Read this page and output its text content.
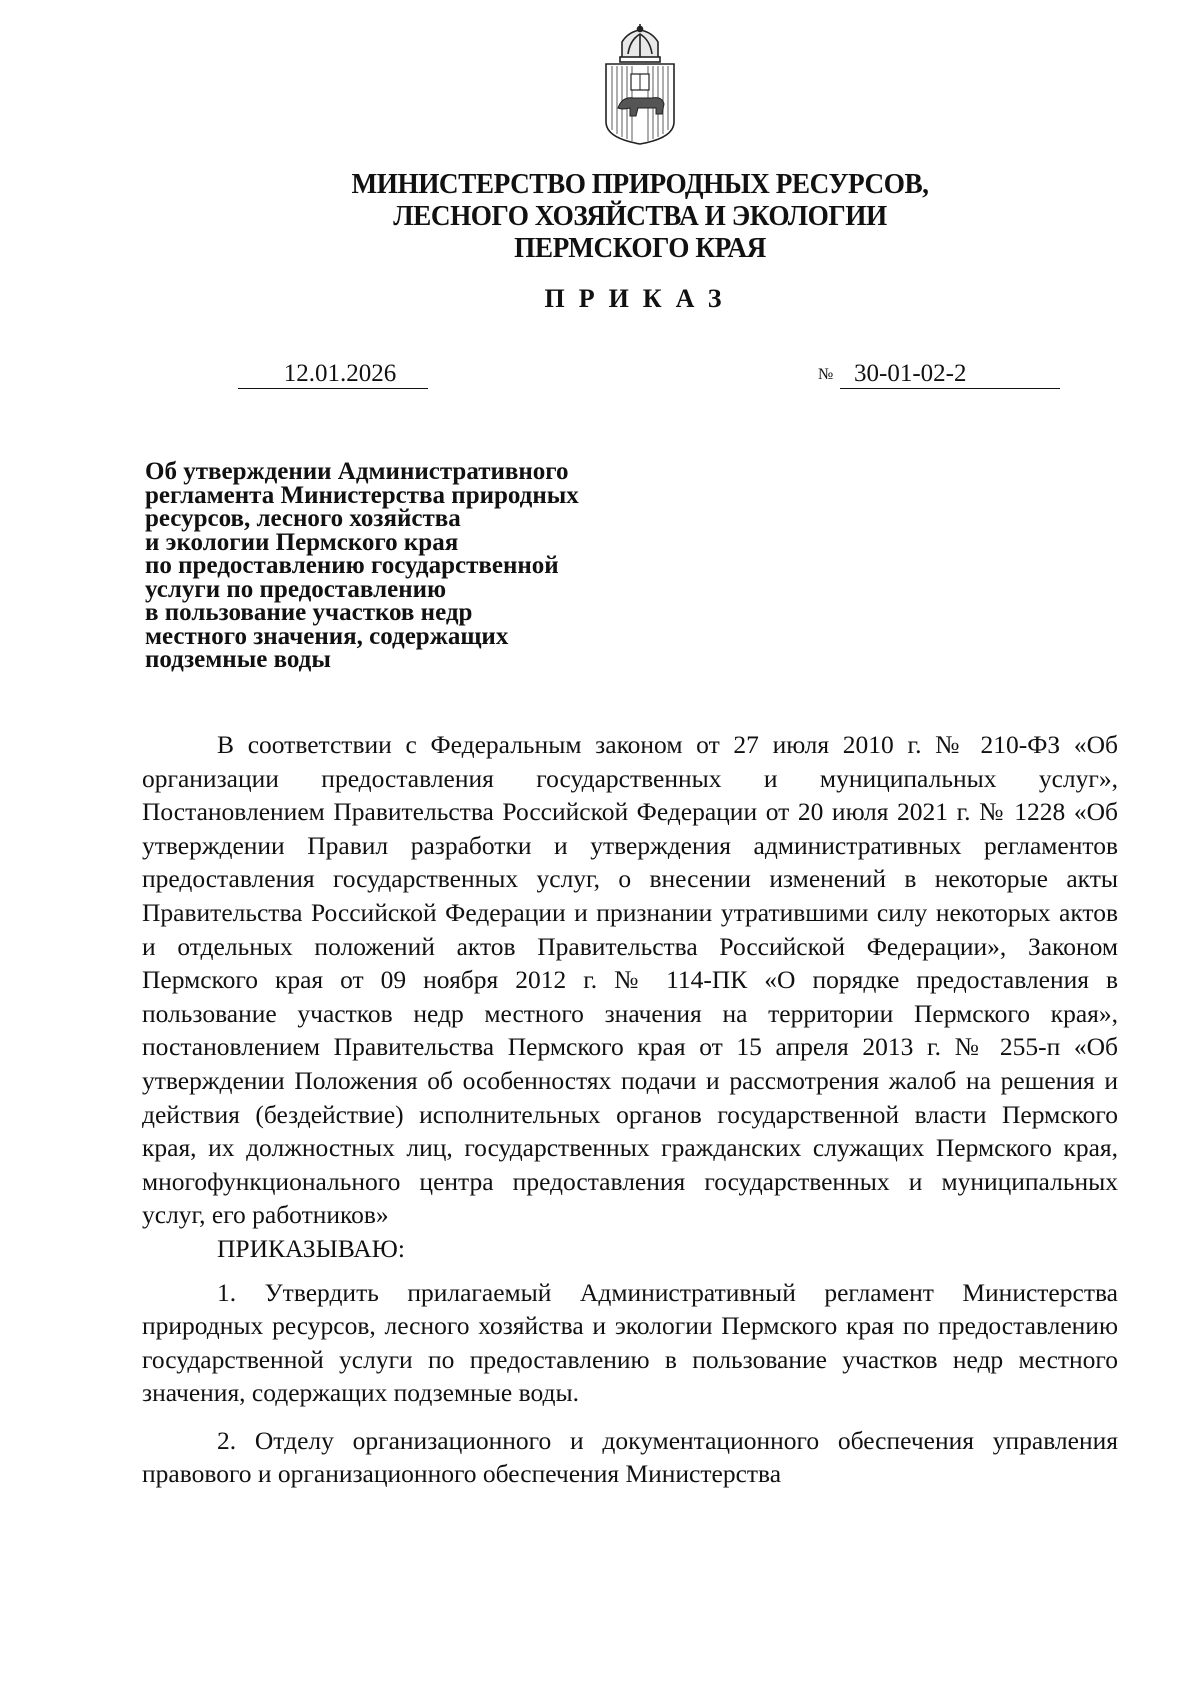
МИНИСТЕРСТВО ПРИРОДНЫХ РЕСУРСОВ,
ЛЕСНОГО ХОЗЯЙСТВА И ЭКОЛОГИИ
ПЕРМСКОГО КРАЯ
ПРИКАЗ
12.01.2026	№ 30-01-02-2
Об утверждении Административного
регламента Министерства природных
ресурсов, лесного хозяйства
и экологии Пермского края
по предоставлению государственной
услуги по предоставлению
в пользование участков недр
местного значения, содержащих
подземные воды

В соответствии с Федеральным законом от 27 июля 2010 г. № 210-ФЗ «Об организации предоставления государственных и муниципальных услуг», Постановлением Правительства Российской Федерации от 20 июля 2021 г. № 1228 «Об утверждении Правил разработки и утверждения административных регламентов предоставления государственных услуг, о внесении изменений в некоторые акты Правительства Российской Федерации и признании утратившими силу некоторых актов и отдельных положений актов Правительства Российской Федерации», Законом Пермского края от 09 ноября 2012 г. № 114-ПК «О порядке предоставления в пользование участков недр местного значения на территории Пермского края», постановлением Правительства Пермского края от 15 апреля 2013 г. № 255-п «Об утверждении Положения об особенностях подачи и рассмотрения жалоб на решения и действия (бездействие) исполнительных органов государственной власти Пермского края, их должностных лиц, государственных гражданских служащих Пермского края, многофункционального центра предоставления государственных и муниципальных услуг, его работников»

ПРИКАЗЫВАЮ:

1. Утвердить прилагаемый Административный регламент Министерства природных ресурсов, лесного хозяйства и экологии Пермского края по предоставлению государственной услуги по предоставлению в пользование участков недр местного значения, содержащих подземные воды.

2. Отделу организационного и документационного обеспечения управления правового и организационного обеспечения Министерства
